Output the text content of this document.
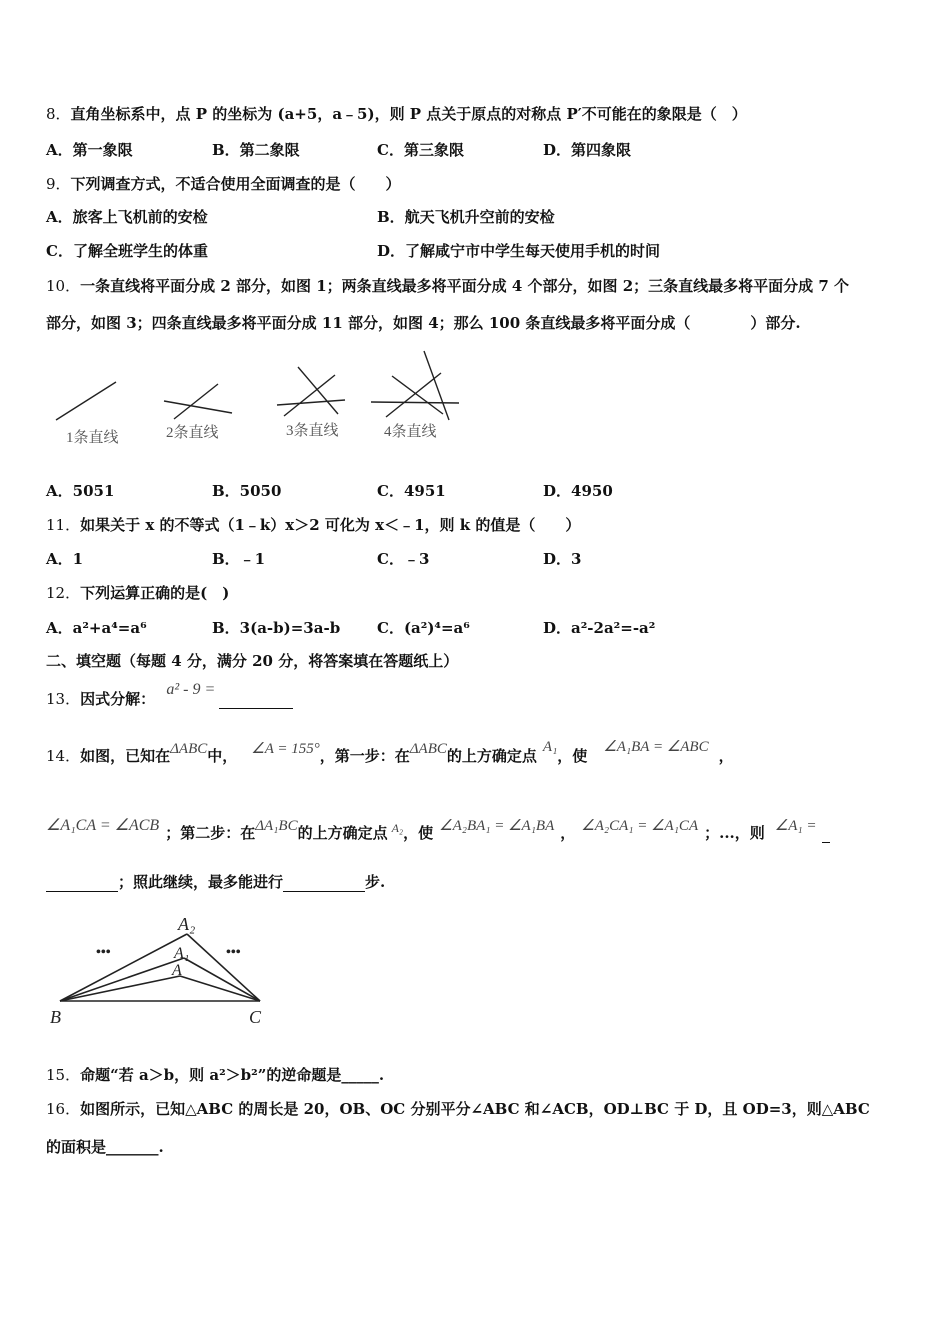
8．直角坐标系中，点 P 的坐标为 (a+5，a﹣5)，则 P 点关于原点的对称点 P′不可能在的象限是（　）
A．第一象限	B．第二象限	C．第三象限	D．第四象限
9．下列调查方式，不适合使用全面调查的是（　　）
A．旅客上飞机前的安检	B．航天飞机升空前的安检
C．了解全班学生的体重	D．了解咸宁市中学生每天使用手机的时间
10．一条直线将平面分成 2 部分，如图 1；两条直线最多将平面分成 4 个部分，如图 2；三条直线最多将平面分成 7 个
部分，如图 3；四条直线最多将平面分成 11 部分，如图 4；那么 100 条直线最多将平面分成（　　　　）部分.
1条直线	2条直线	3条直线	4条直线
A．5051	B．5050	C．4951	D．4950
11．如果关于 x 的不等式（1﹣k）x＞2 可化为 x＜﹣1，则 k 的值是（　　）
A．1	B．﹣1	C．﹣3	D．3
12．下列运算正确的是(　)
A．a²+a⁴=a⁶	B．3(a-b)=3a-b C．(a²)⁴=a⁶	D．a²-2a²=-a²
二、填空题（每题 4 分，满分 20 分，将答案填在答题纸上）
13．因式分解： a² - 9 =
14．如图，已知在ΔABC中， ∠A = 155°，第一步：在ΔABC的上方确定点 A₁，使 ∠A₁BA = ∠ABC ，
∠A₁CA = ∠ACB ；第二步：在ΔA₁BC的上方确定点 $^{A_2}$，使 ∠A₂BA₁ = ∠A₁BA ， ∠A₂CA₁ = ∠A₁CA ；...，则 ∠A₁ =
；照此继续，最多能进行	步.
A₂
A₁
A
B	C
•••	•••
15．命题“若 a＞b，则 a²＞b²”的逆命题是_____.
16．如图所示，已知△ABC 的周长是 20，OB、OC 分别平分∠ABC 和∠ACB，OD⊥BC 于 D，且 OD=3，则△ABC
的面积是_______.
